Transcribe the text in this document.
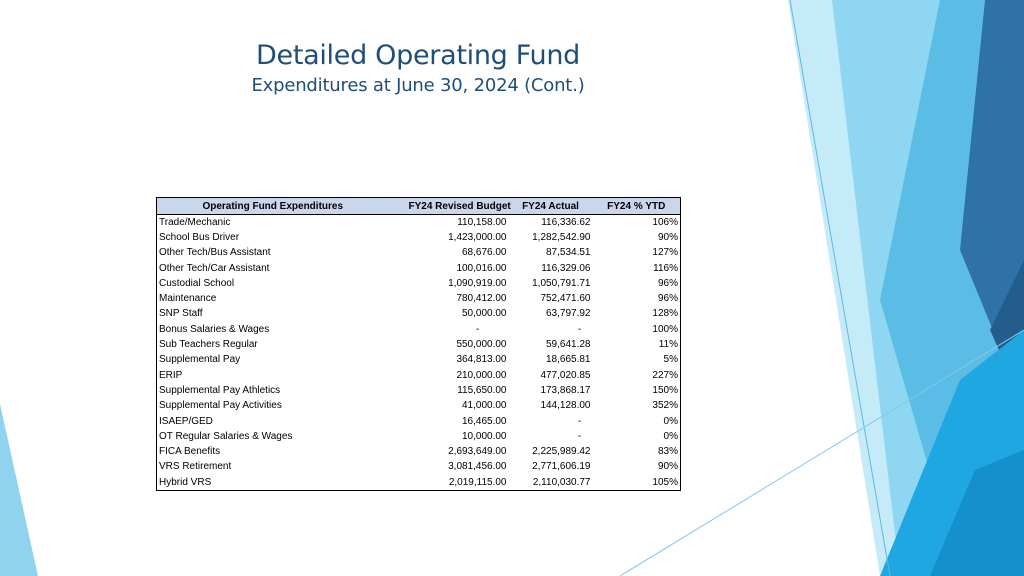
Detailed Operating Fund
Expenditures at June 30, 2024 (Cont.)
Operating Fund Expenditures	FY24 Revised Budget	FY24 Actual	FY24 % YTD
Trade/Mechanic	110,158.00	116,336.62	106%
School Bus Driver	1,423,000.00	1,282,542.90	90%
Other Tech/Bus Assistant	68,676.00	87,534.51	127%
Other Tech/Car Assistant	100,016.00	116,329.06	116%
Custodial School	1,090,919.00	1,050,791.71	96%
Maintenance	780,412.00	752,471.60	96%
SNP Staff	50,000.00	63,797.92	128%
Bonus Salaries & Wages	-	-	100%
Sub Teachers Regular	550,000.00	59,641.28	11%
Supplemental Pay	364,813.00	18,665.81	5%
ERIP	210,000.00	477,020.85	227%
Supplemental Pay Athletics	115,650.00	173,868.17	150%
Supplemental Pay Activities	41,000.00	144,128.00	352%
ISAEP/GED	16,465.00	-	0%
OT Regular Salaries & Wages	10,000.00	-	0%
FICA Benefits	2,693,649.00	2,225,989.42	83%
VRS Retirement	3,081,456.00	2,771,606.19	90%
Hybrid VRS	2,019,115.00	2,110,030.77	105%
